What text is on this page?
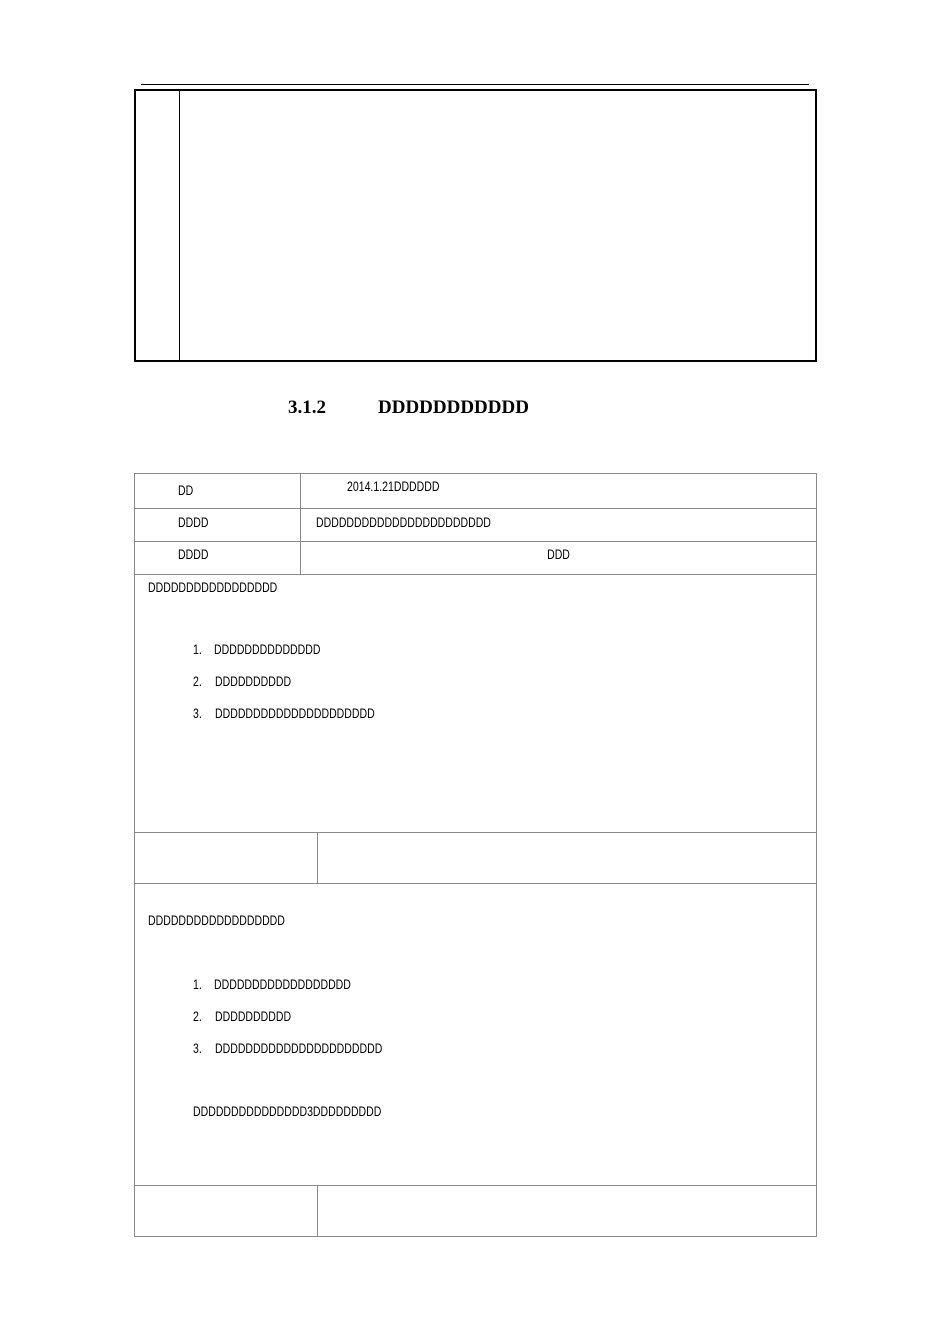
3.1.2	DDDDDDDDDDD
DD	2014.1.21DDDDDD
DDDD	DDDDDDDDDDDDDDDDDDDDDDD
DDDD	DDD
DDDDDDDDDDDDDDDDD
1. DDDDDDDDDDDDDD
2. DDDDDDDDDD
3. DDDDDDDDDDDDDDDDDDDDD
DDDDDDDDDDDDDDDDDD
1. DDDDDDDDDDDDDDDDDD
2. DDDDDDDDDD
3. DDDDDDDDDDDDDDDDDDDDDD
DDDDDDDDDDDDDDD3DDDDDDDDD
